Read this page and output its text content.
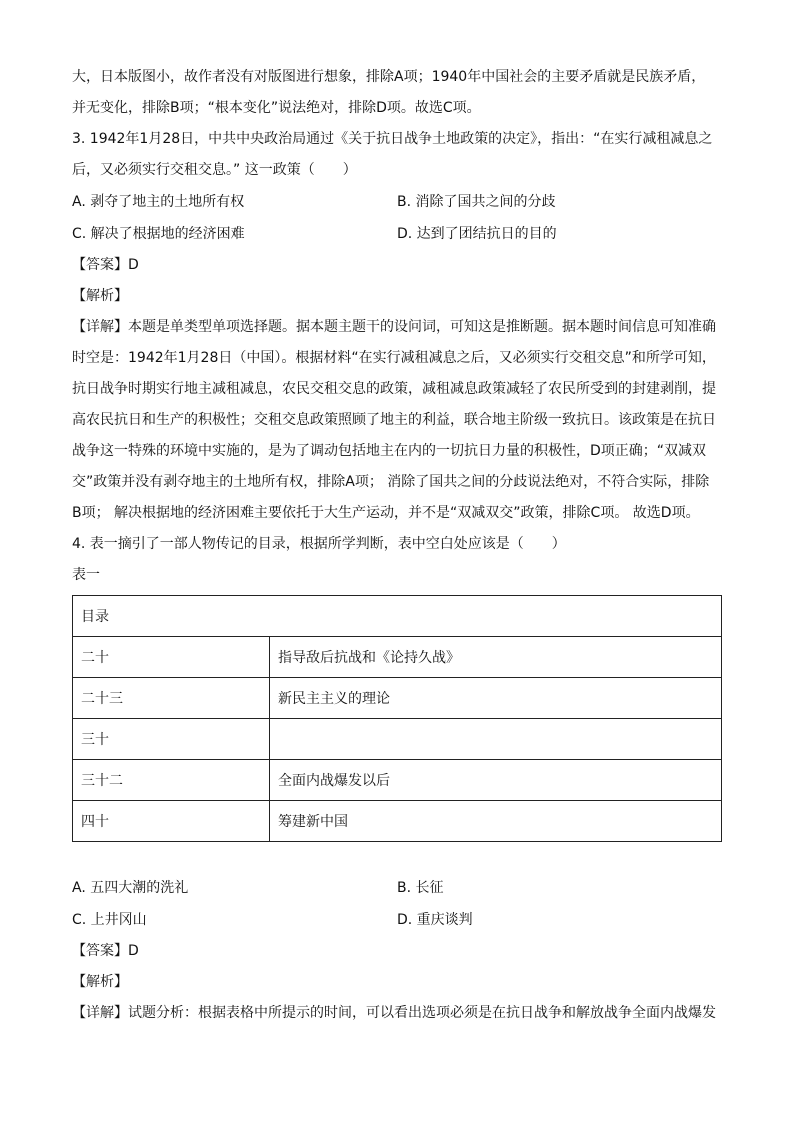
大，日本版图小，故作者没有对版图进行想象，排除A项；1940年中国社会的主要矛盾就是民族矛盾，
并无变化，排除B项；“根本变化”说法绝对，排除D项。故选C项。
3. 1942年1月28日，中共中央政治局通过《关于抗日战争土地政策的决定》，指出：“在实行减租减息之
后，又必须实行交租交息。” 这一政策（　　）
A. 剥夺了地主的土地所有权	B. 消除了国共之间的分歧
C. 解决了根据地的经济困难	D. 达到了团结抗日的目的
【答案】D
【解析】
【详解】本题是单类型单项选择题。据本题主题干的设问词，可知这是推断题。据本题时间信息可知准确
时空是：1942年1月28日（中国）。根据材料“在实行减租减息之后，又必须实行交租交息”和所学可知，
抗日战争时期实行地主减租减息，农民交租交息的政策，减租减息政策减轻了农民所受到的封建剥削，提
高农民抗日和生产的积极性；交租交息政策照顾了地主的利益，联合地主阶级一致抗日。该政策是在抗日
战争这一特殊的环境中实施的，是为了调动包括地主在内的一切抗日力量的积极性，D项正确；“双减双
交”政策并没有剥夺地主的土地所有权，排除A项； 消除了国共之间的分歧说法绝对，不符合实际，排除
B项； 解决根据地的经济困难主要依托于大生产运动，并不是“双减双交”政策，排除C项。 故选D项。
4. 表一摘引了一部人物传记的目录，根据所学判断，表中空白处应该是（　　）
表一
目录	
二十	指导敌后抗战和《论持久战》
二十三	新民主主义的理论
三十	
三十二	全面内战爆发以后
四十	筹建新中国
A. 五四大潮的洗礼	B. 长征
C. 上井冈山	D. 重庆谈判
【答案】D
【解析】
【详解】试题分析：根据表格中所提示的时间，可以看出选项必须是在抗日战争和解放战争全面内战爆发
